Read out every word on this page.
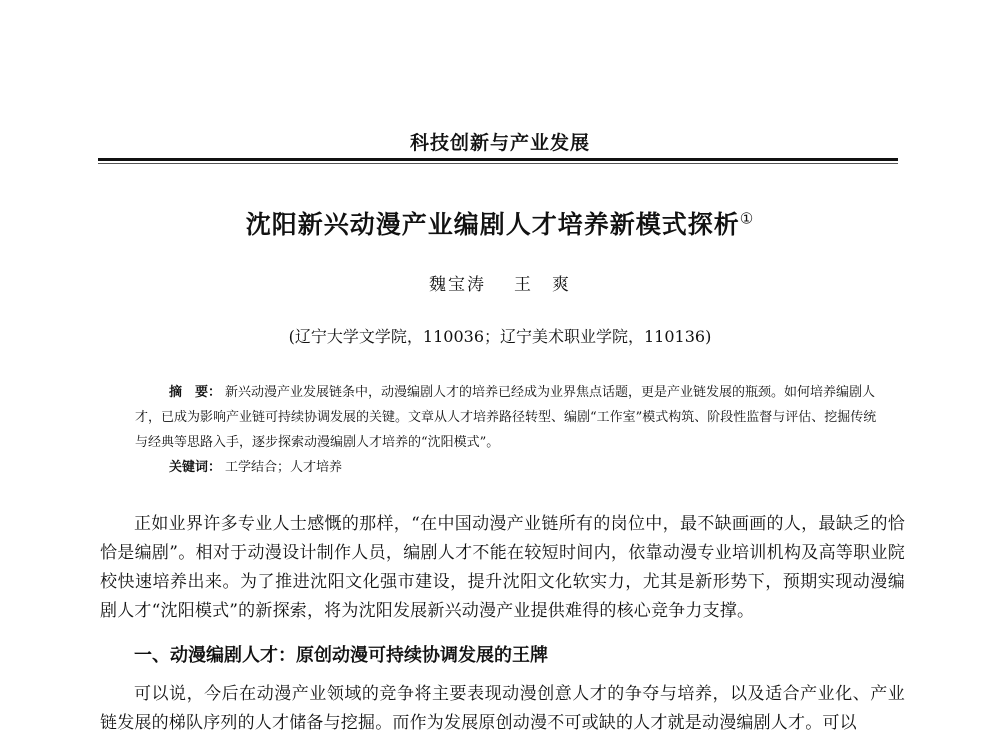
科技创新与产业发展
沈阳新兴动漫产业编剧人才培养新模式探析①
魏宝涛 王　爽
(辽宁大学文学院，110036；辽宁美术职业学院，110136)

摘　要： 新兴动漫产业发展链条中，动漫编剧人才的培养已经成为业界焦点话题，更是产业链发展的瓶颈。如何培养编剧人才，已成为影响产业链可持续协调发展的关键。文章从人才培养路径转型、编剧“工作室”模式构筑、阶段性监督与评估、挖掘传统与经典等思路入手，逐步探索动漫编剧人才培养的“沈阳模式”。

关键词： 工学结合；人才培养

正如业界许多专业人士感慨的那样，“在中国动漫产业链所有的岗位中，最不缺画画的人，最缺乏的恰恰是编剧”。相对于动漫设计制作人员，编剧人才不能在较短时间内，依靠动漫专业培训机构及高等职业院校快速培养出来。为了推进沈阳文化强市建设，提升沈阳文化软实力，尤其是新形势下，预期实现动漫编剧人才“沈阳模式”的新探索，将为沈阳发展新兴动漫产业提供难得的核心竞争力支撑。

一、动漫编剧人才：原创动漫可持续协调发展的王牌

可以说，今后在动漫产业领域的竞争将主要表现动漫创意人才的争夺与培养，以及适合产业化、产业链发展的梯队序列的人才储备与挖掘。而作为发展原创动漫不可或缺的人才就是动漫编剧人才。可以
